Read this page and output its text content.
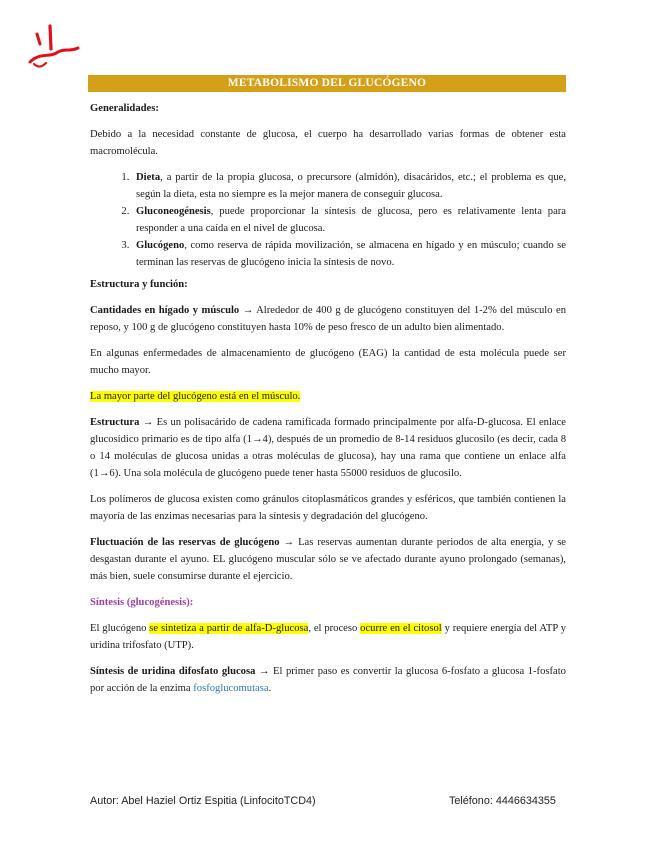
METABOLISMO DEL GLUCÓGENO
Generalidades:

Debido a la necesidad constante de glucosa, el cuerpo ha desarrollado varias formas de obtener esta macromolécula.

1. Dieta, a partir de la propia glucosa, o precursore (almidón), disacáridos, etc.; el problema es que, según la dieta, esta no siempre es la mejor manera de conseguir glucosa.
2. Gluconeogénesis, puede proporcionar la síntesis de glucosa, pero es relativamente lenta para responder a una caída en el nivel de glucosa.
3. Glucógeno, como reserva de rápida movilización, se almacena en hígado y en músculo; cuando se terminan las reservas de glucógeno inicia la síntesis de novo.
Estructura y función:

Cantidades en hígado y músculo → Alrededor de 400 g de glucógeno constituyen del 1-2% del músculo en reposo, y 100 g de glucógeno constituyen hasta 10% de peso fresco de un adulto bien alimentado.

En algunas enfermedades de almacenamiento de glucógeno (EAG) la cantidad de esta molécula puede ser mucho mayor.

La mayor parte del glucógeno está en el músculo.

Estructura → Es un polisacárido de cadena ramificada formado principalmente por alfa-D-glucosa. El enlace glucosídico primario es de tipo alfa (1→4), después de un promedio de 8-14 residuos glucosilo (es decir, cada 8 o 14 moléculas de glucosa unidas a otras moléculas de glucosa), hay una rama que contiene un enlace alfa (1→6). Una sola molécula de glucógeno puede tener hasta 55000 residuos de glucosilo.

Los polímeros de glucosa existen como gránulos citoplasmáticos grandes y esféricos, que también contienen la mayoría de las enzimas necesarias para la síntesis y degradación del glucógeno.

Fluctuación de las reservas de glucógeno → Las reservas aumentan durante periodos de alta energía, y se desgastan durante el ayuno. EL glucógeno muscular sólo se ve afectado durante ayuno prolongado (semanas), más bien, suele consumirse durante el ejercicio.

Síntesis (glucogénesis):

El glucógeno se sintetiza a partir de alfa-D-glucosa, el proceso ocurre en el citosol y requiere energía del ATP y uridina trifosfato (UTP).

Síntesis de uridina difosfato glucosa → El primer paso es convertir la glucosa 6-fosfato a glucosa 1-fosfato por acción de la enzima fosfoglucomutasa.

Autor: Abel Haziel Ortiz Espitia (LinfocitoTCD4)	Teléfono: 4446634355
